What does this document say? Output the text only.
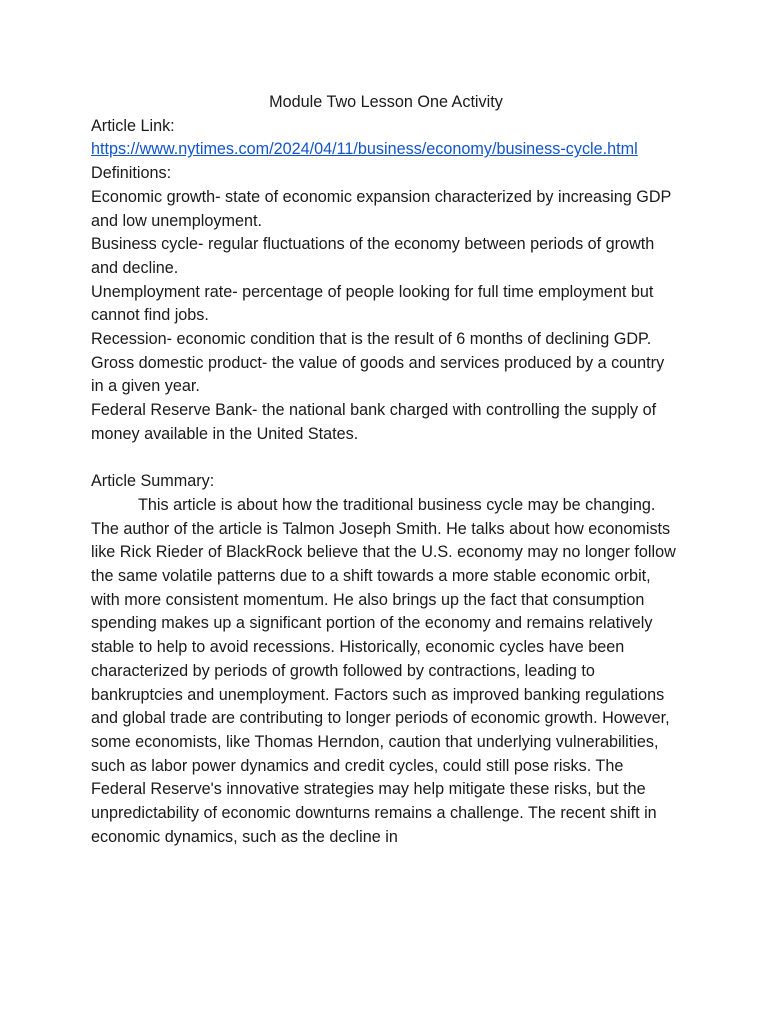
Module Two Lesson One Activity

Article Link:

https://www.nytimes.com/2024/04/11/business/economy/business-cycle.html

Definitions:

Economic growth- state of economic expansion characterized by increasing GDP and low unemployment.

Business cycle- regular fluctuations of the economy between periods of growth and decline.

Unemployment rate- percentage of people looking for full time employment but cannot find jobs.

Recession- economic condition that is the result of 6 months of declining GDP.

Gross domestic product- the value of goods and services produced by a country in a given year.

Federal Reserve Bank- the national bank charged with controlling the supply of money available in the United States.

Article Summary:

This article is about how the traditional business cycle may be changing. The author of the article is Talmon Joseph Smith. He talks about how economists like Rick Rieder of BlackRock believe that the U.S. economy may no longer follow the same volatile patterns due to a shift towards a more stable economic orbit, with more consistent momentum. He also brings up the fact that consumption spending makes up a significant portion of the economy and remains relatively stable to help to avoid recessions. Historically, economic cycles have been characterized by periods of growth followed by contractions, leading to bankruptcies and unemployment. Factors such as improved banking regulations and global trade are contributing to longer periods of economic growth. However, some economists, like Thomas Herndon, caution that underlying vulnerabilities, such as labor power dynamics and credit cycles, could still pose risks. The Federal Reserve's innovative strategies may help mitigate these risks, but the unpredictability of economic downturns remains a challenge. The recent shift in economic dynamics, such as the decline in
